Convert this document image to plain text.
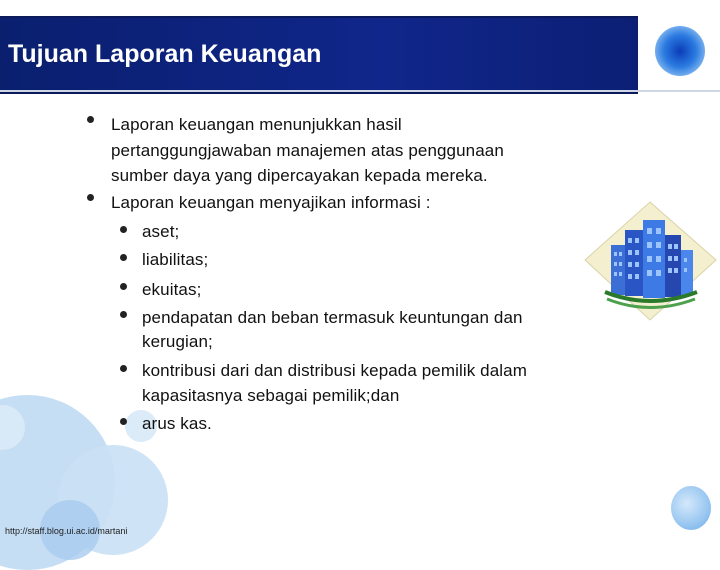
Tujuan Laporan Keuangan
Laporan keuangan menunjukkan hasil
pertanggungjawaban manajemen atas penggunaan
sumber daya yang dipercayakan kepada mereka.
Laporan keuangan menyajikan informasi :
aset;
liabilitas;
ekuitas;
pendapatan dan beban termasuk keuntungan dan
kerugian;
kontribusi dari dan distribusi kepada pemilik dalam
kapasitasnya sebagai pemilik;dan
arus kas.
http://staff.blog.ui.ac.id/martani
